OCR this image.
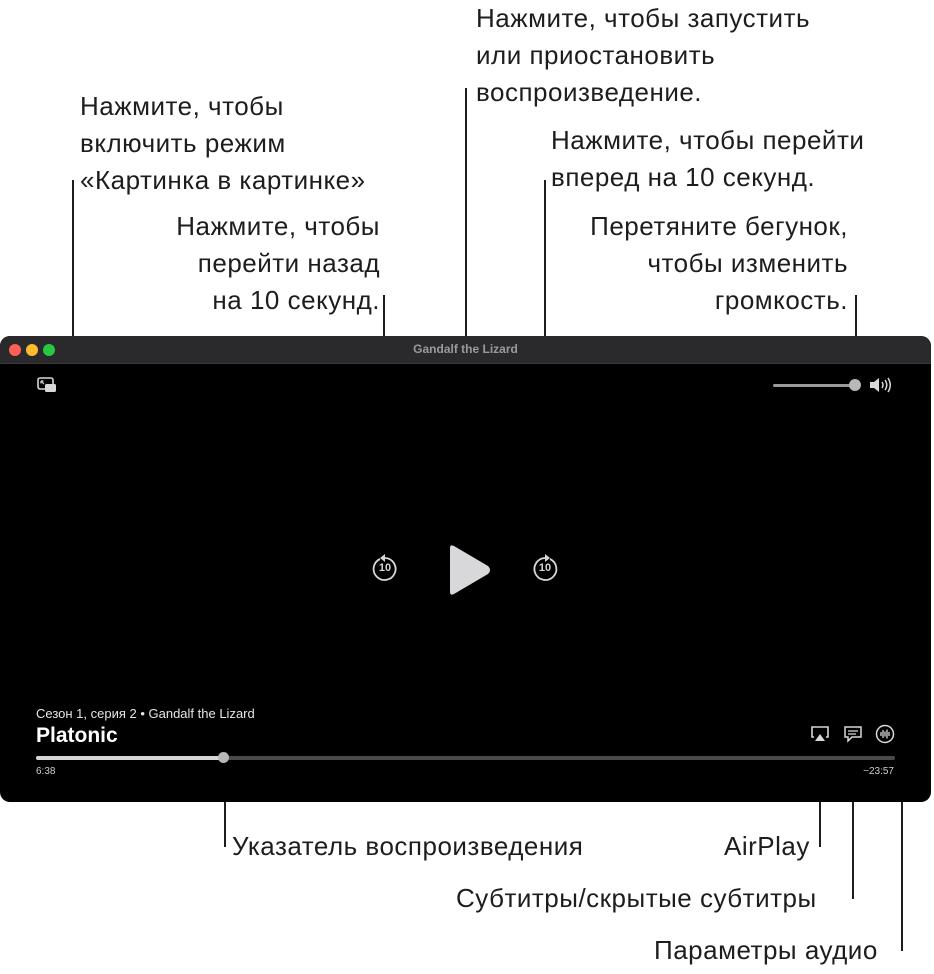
Нажмите, чтобы
включить режим
«Картинка в картинке»
Нажмите, чтобы
перейти назад
на 10 секунд.
Нажмите, чтобы запустить
или приостановить
воспроизведение.
Нажмите, чтобы перейти
вперед на 10 секунд.
Перетяните бегунок,
чтобы изменить
громкость.
Указатель воспроизведения	AirPlay
Субтитры/скрытые субтитры
Параметры аудио
Gandalf the Lizard
10	10
Сезон 1, серия 2 • Gandalf the Lizard
Platonic
6:38	−23:57
